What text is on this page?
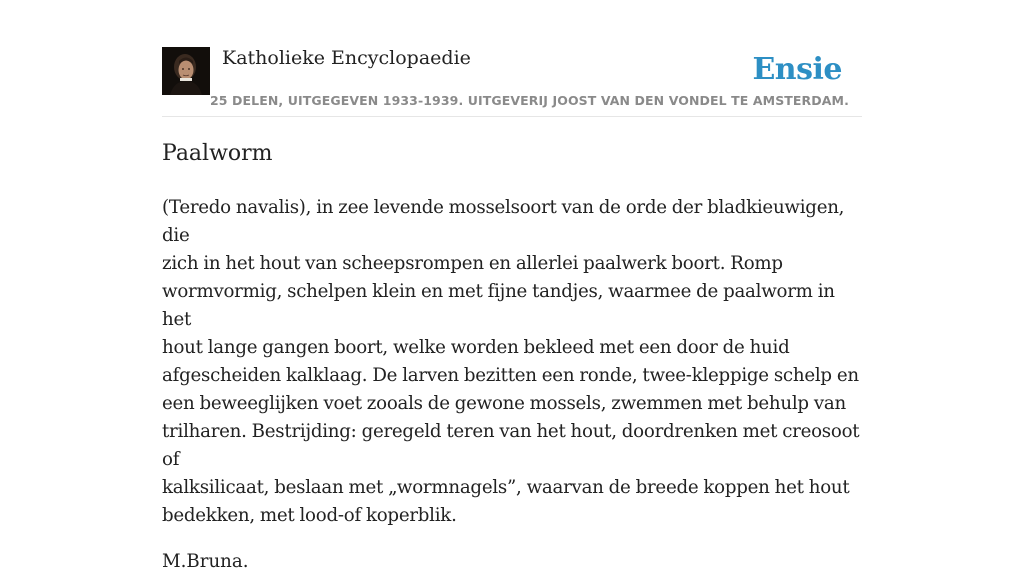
Katholieke Encyclopaedie
25 DELEN, UITGEGEVEN 1933-1939. UITGEVERIJ JOOST VAN DEN VONDEL TE AMSTERDAM.
Ensie
Paalworm

(Teredo navalis), in zee levende mosselsoort van de orde der bladkieuwigen, die
zich in het hout van scheepsrompen en allerlei paalwerk boort. Romp
wormvormig, schelpen klein en met fijne tandjes, waarmee de paalworm in het
hout lange gangen boort, welke worden bekleed met een door de huid
afgescheiden kalklaag. De larven bezitten een ronde, twee-kleppige schelp en
een beweeglijken voet zooals de gewone mossels, zwemmen met behulp van
trilharen. Bestrijding: geregeld teren van het hout, doordrenken met creosoot of
kalksilicaat, beslaan met „wormnagels”, waarvan de breede koppen het hout
bedekken, met lood-of koperblik.

M.Bruna.
